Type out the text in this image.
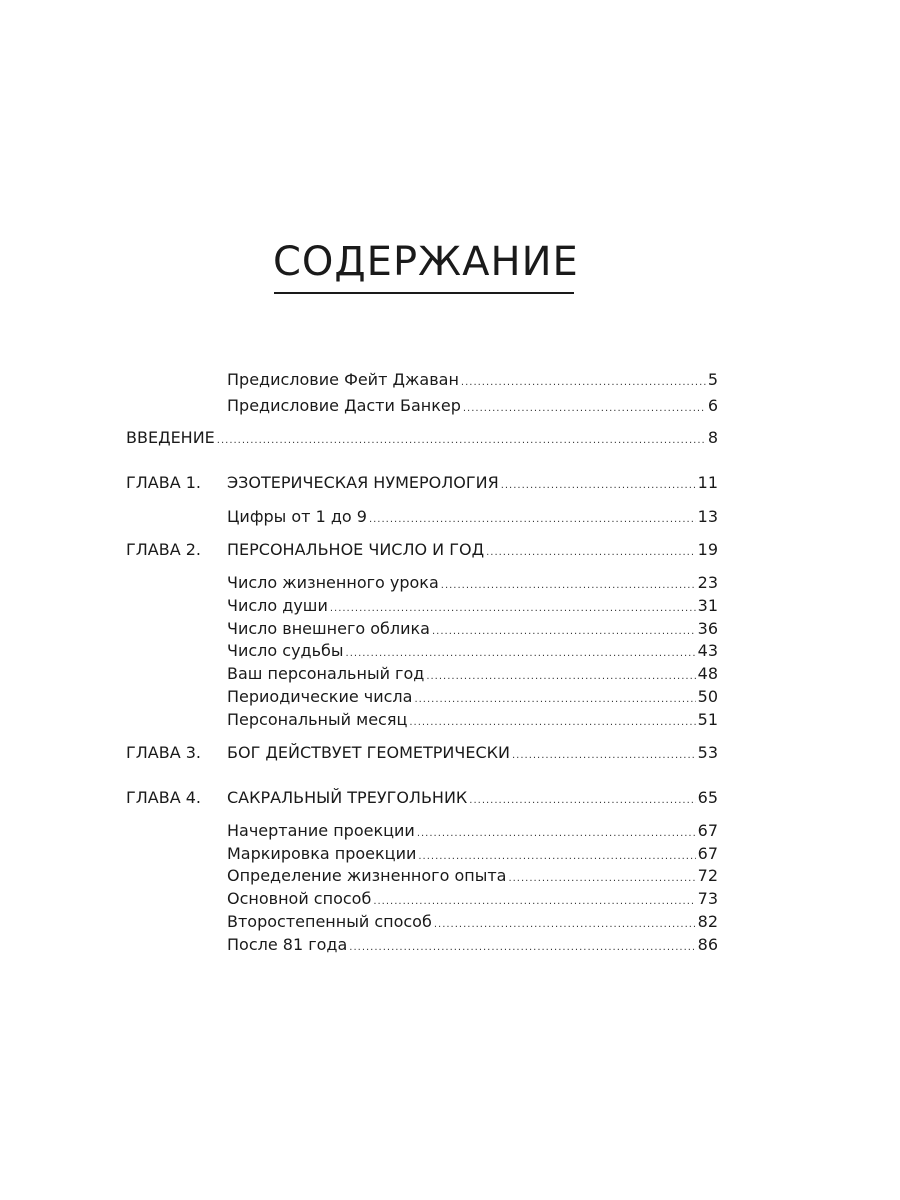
СОДЕРЖАНИЕ
Предисловие Фейт Джаван .....	5
Предисловие Дасти Банкер .....	6
ВВЕДЕНИЕ .....	8
ГЛАВА 1.	ЭЗОТЕРИЧЕСКАЯ НУМЕРОЛОГИЯ .....	11
Цифры от 1 до 9 .....	13
ГЛАВА 2.	ПЕРСОНАЛЬНОЕ ЧИСЛО И ГОД .....	19
Число жизненного урока .....	23
Число души .....	31
Число внешнего облика .....	36
Число судьбы .....	43
Ваш персональный год .....	48
Периодические числа .....	50
Персональный месяц .....	51
ГЛАВА 3.	БОГ ДЕЙСТВУЕТ ГЕОМЕТРИЧЕСКИ .....	53
ГЛАВА 4.	САКРАЛЬНЫЙ ТРЕУГОЛЬНИК .....	65
Начертание проекции .....	67
Маркировка проекции .....	67
Определение жизненного опыта .....	72
Основной способ .....	73
Второстепенный способ .....	82
После 81 года .....	86
